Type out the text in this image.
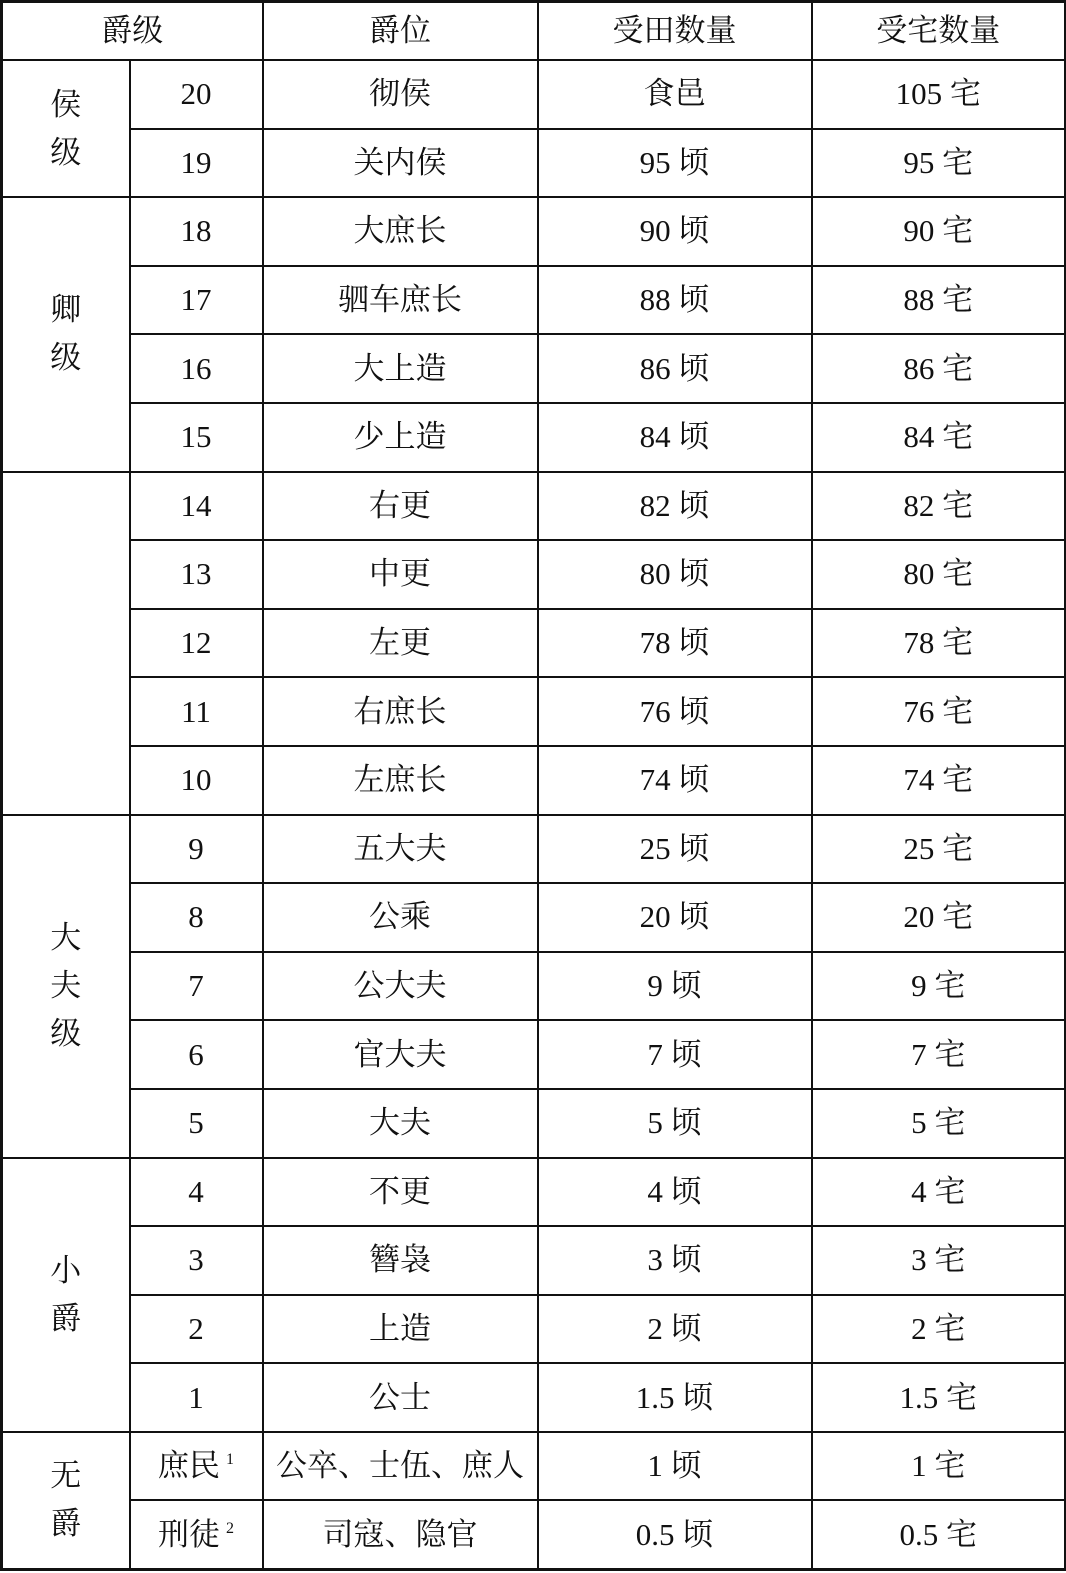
爵级		爵位	受田数量	受宅数量

侯
级	20	彻侯	食邑	105 宅
	19	关内侯	95 顷	95 宅

卿
级	18	大庶长	90 顷	90 宅
	17	驷车庶长	88 顷	88 宅
	16	大上造	86 顷	86 宅
	15	少上造	84 顷	84 宅
	14	右更	82 顷	82 宅
	13	中更	80 顷	80 宅
	12	左更	78 顷	78 宅
	11	右庶长	76 顷	76 宅
	10	左庶长	74 顷	74 宅

大
夫
级	9	五大夫	25 顷	25 宅
	8	公乘	20 顷	20 宅
	7	公大夫	9 顷	9 宅
	6	官大夫	7 顷	7 宅
	5	大夫	5 顷	5 宅

小
爵	4	不更	4 顷	4 宅
	3	簪袅	3 顷	3 宅
	2	上造	2 顷	2 宅
	1	公士	1.5 顷	1.5 宅

无
爵	庶民 $^1$	公卒、士伍、庶人	1 顷	1 宅
	刑徒 $^2$	司寇、隐官	0.5 顷	0.5 宅
